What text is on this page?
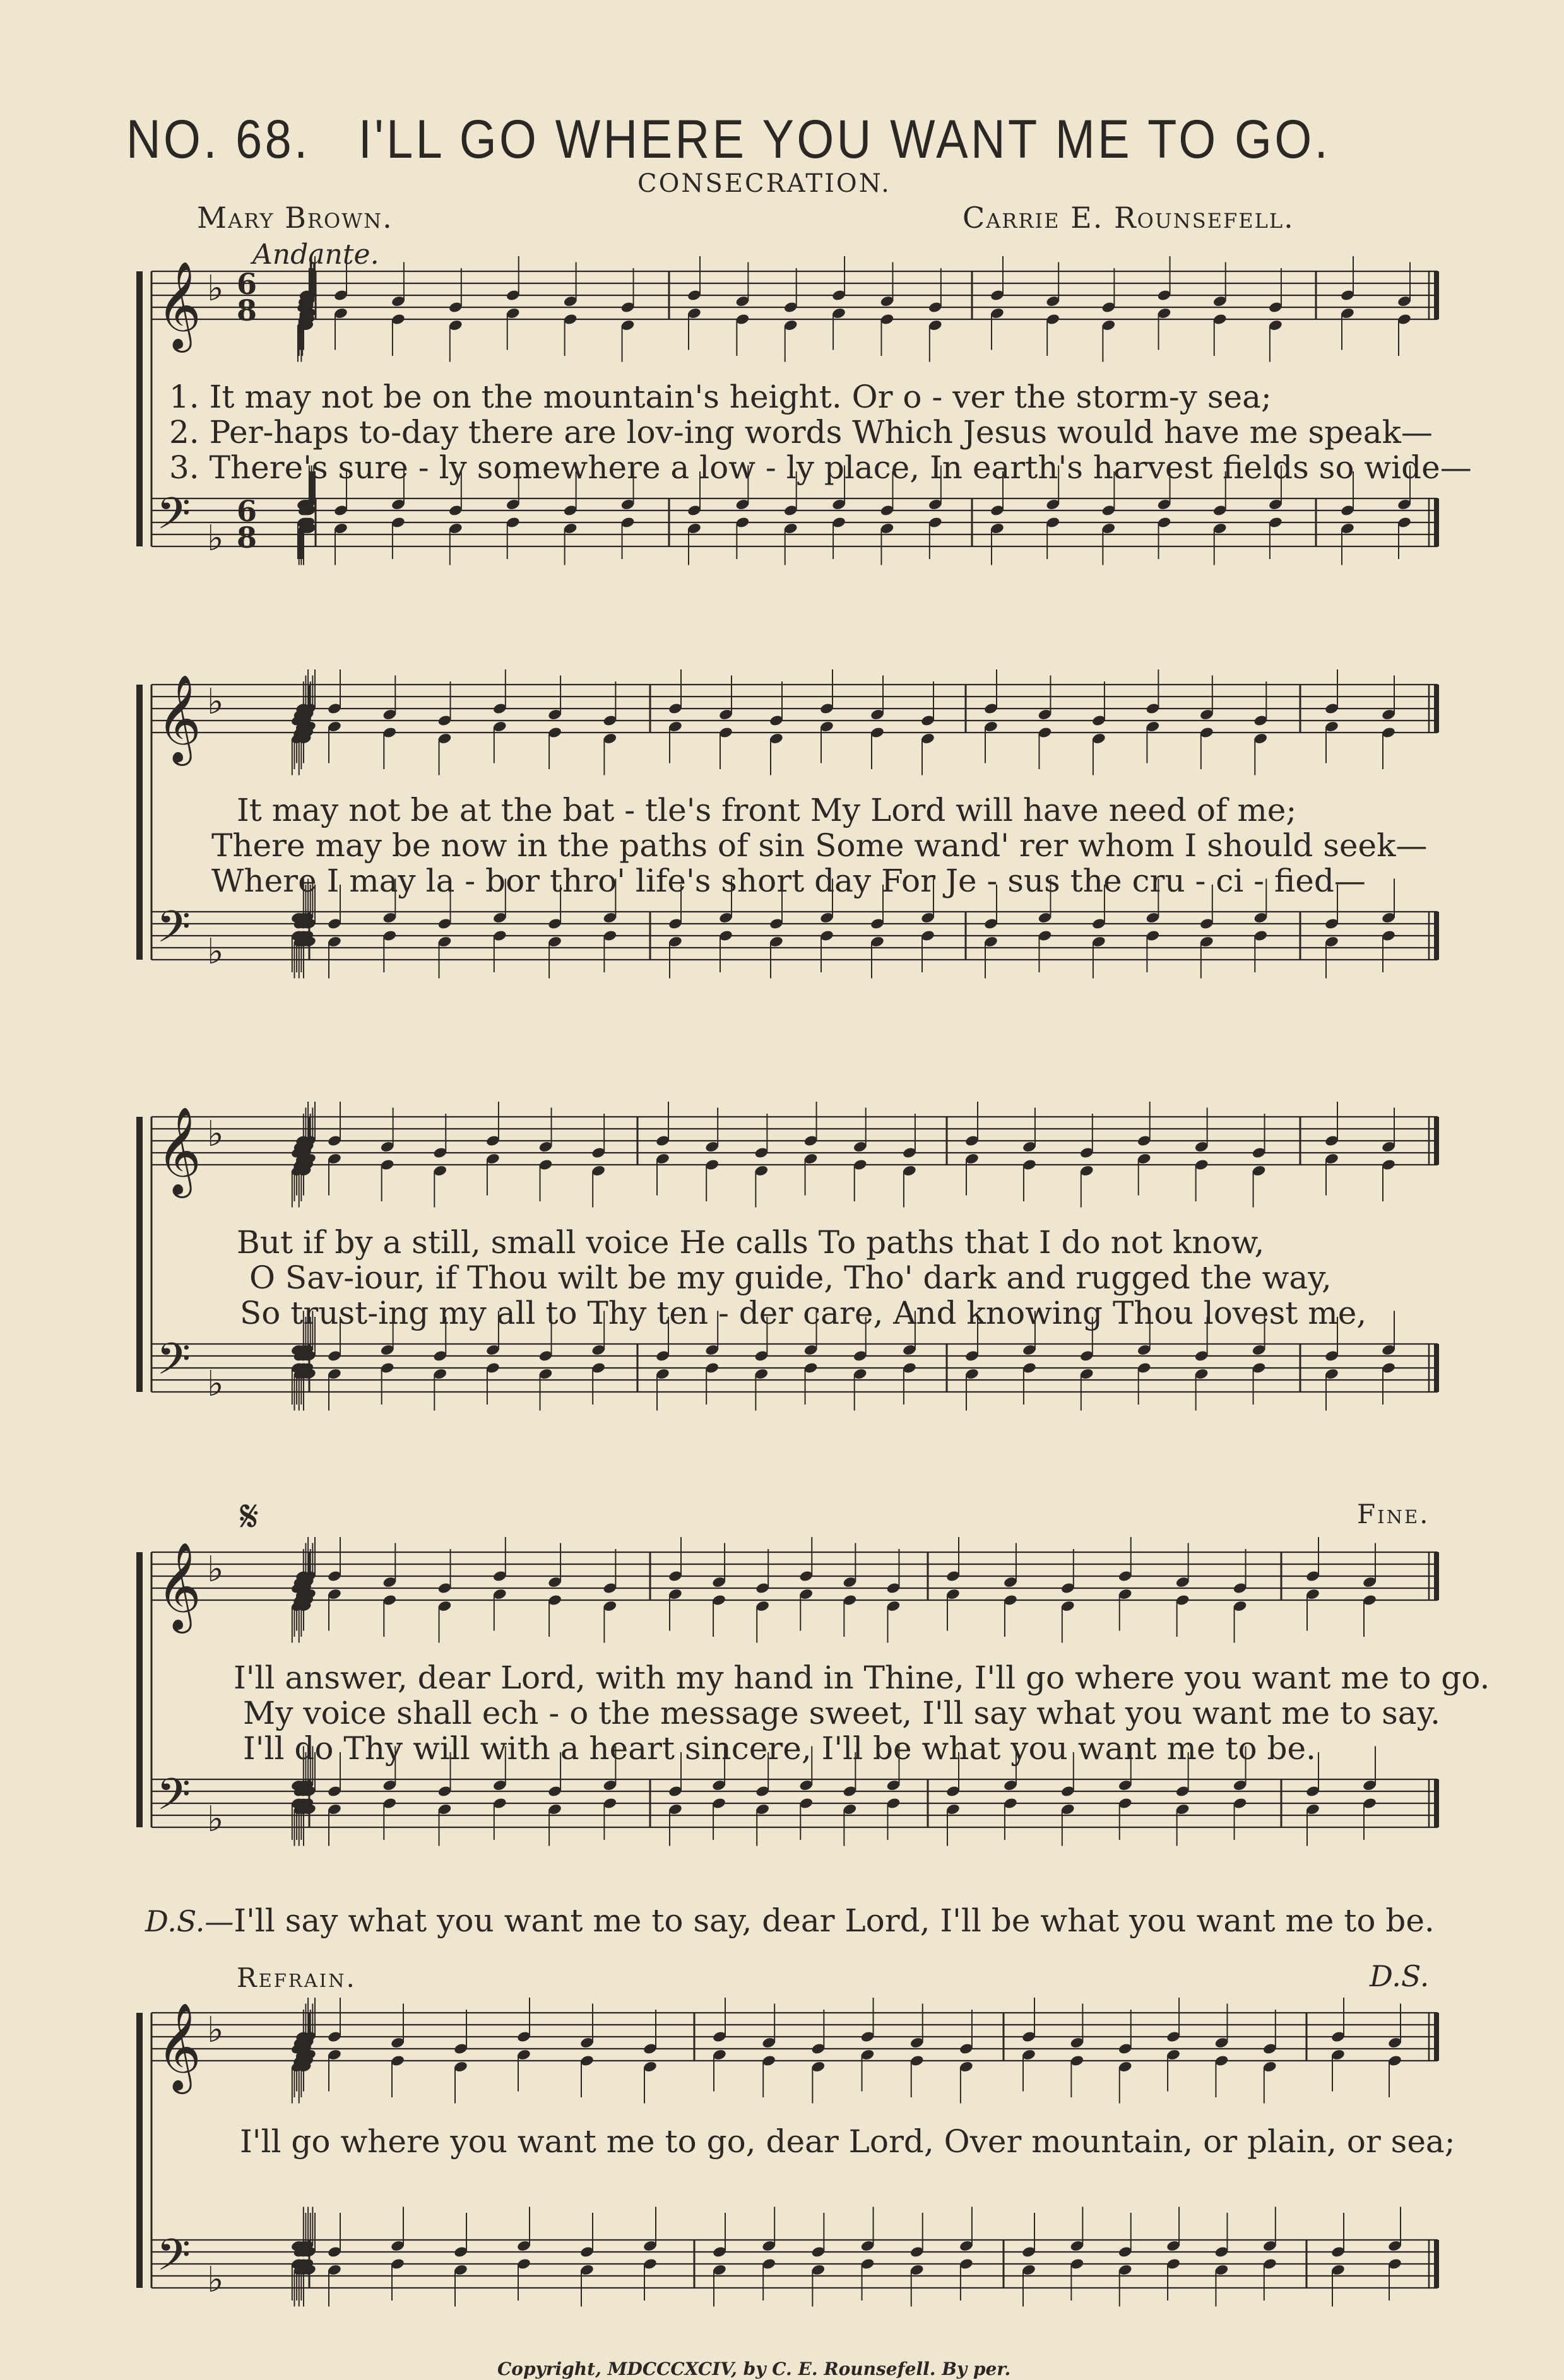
NO. 68. I'LL GO WHERE YOU WANT ME TO GO.
CONSECRATION.
Mary Brown.	Carrie E. Rounsefell.
Andante.
𝄞 ♭ 6
8
𝄢 ♭
6
8
𝄞 ♭
𝄢 ♭
𝄞 ♭
𝄢 ♭
𝄞 ♭
𝄢 ♭
𝄞 ♭
𝄢 ♭
1. It may not be on the mountain's height. Or o - ver the storm-y sea;
2. Per-haps to-day there are lov-ing words Which Jesus would have me speak—
3. There's sure - ly somewhere a low - ly place, In earth's harvest fields so wide—
It may not be at the bat - tle's front My Lord will have need of me;
There may be now in the paths of sin Some wand' rer whom I should seek—
Where I may la - bor thro' life's short day For Je - sus the cru - ci - fied—
But if by a still, small voice He calls To paths that I do not know,
O Sav-iour, if Thou wilt be my guide, Tho' dark and rugged the way,
So trust-ing my all to Thy ten - der care, And knowing Thou lovest me,
𝄋	Fine.
I'll answer, dear Lord, with my hand in Thine, I'll go where you want me to go.
My voice shall ech - o the message sweet, I'll say what you want me to say.
I'll do Thy will with a heart sincere, I'll be what you want me to be.
D.S.—I'll say what you want me to say, dear Lord, I'll be what you want me to be.
Refrain.	D.S.
I'll go where you want me to go, dear Lord, Over mountain, or plain, or sea;
Copyright, MDCCCXCIV, by C. E. Rounsefell. By per.
